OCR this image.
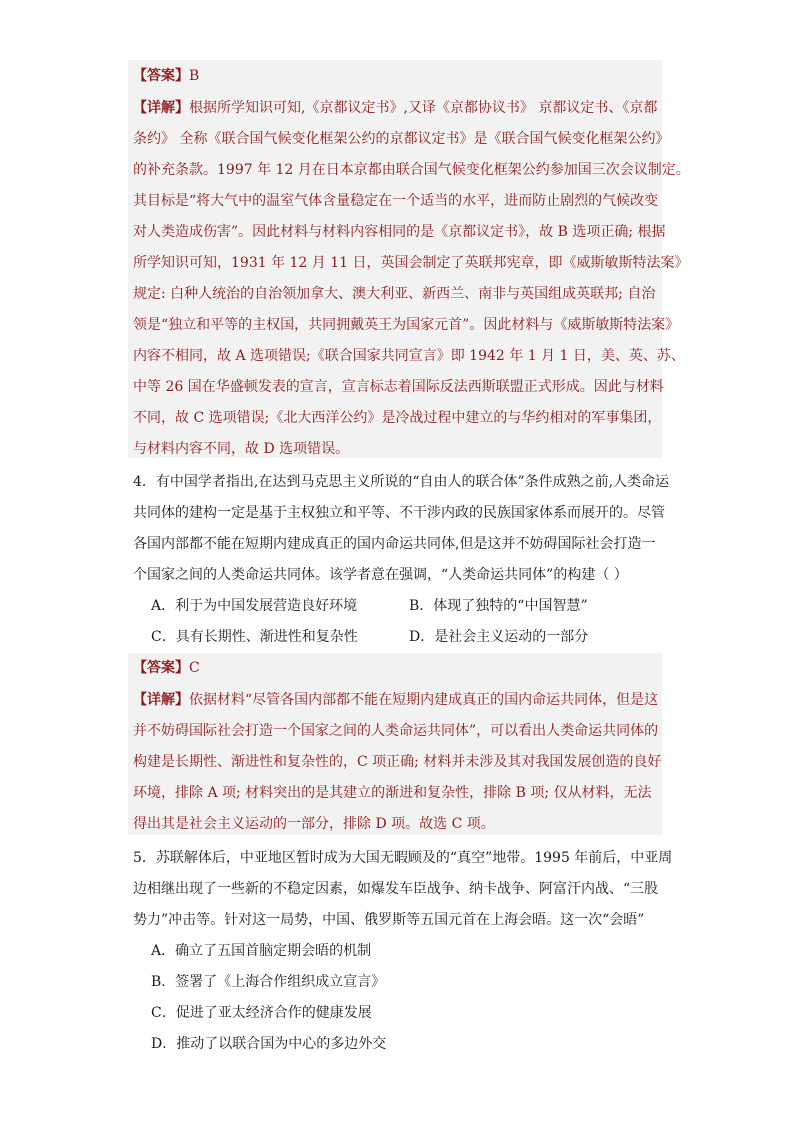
【答案】B
【详解】根据所学知识可知,《京都议定书》,又译《京都协议书》 京都议定书、《京都
条约》 全称《联合国气候变化框架公约的京都议定书》是《联合国气候变化框架公约》
的补充条款。1997 年 12 月在日本京都由联合国气候变化框架公约参加国三次会议制定。
其目标是“将大气中的温室气体含量稳定在一个适当的水平，进而防止剧烈的气候改变
对人类造成伤害”。因此材料与材料内容相同的是《京都议定书》，故 B 选项正确; 根据
所学知识可知，1931 年 12 月 11 日，英国会制定了英联邦宪章，即《威斯敏斯特法案》
规定: 白种人统治的自治领加拿大、澳大利亚、新西兰、南非与英国组成英联邦; 自治
领是“独立和平等的主权国，共同拥戴英王为国家元首”。因此材料与《威斯敏斯特法案》
内容不相同，故 A 选项错误;《联合国家共同宣言》即 1942 年 1 月 1 日，美、英、苏、
中等 26 国在华盛顿发表的宣言，宣言标志着国际反法西斯联盟正式形成。因此与材料
不同，故 C 选项错误;《北大西洋公约》是冷战过程中建立的与华约相对的军事集团，
与材料内容不同，故 D 选项错误。
4．有中国学者指出,在达到马克思主义所说的“自由人的联合体”条件成熟之前,人类命运
共同体的建构一定是基于主权独立和平等、不干涉内政的民族国家体系而展开的。尽管
各国内部都不能在短期内建成真正的国内命运共同体,但是这并不妨碍国际社会打造一
个国家之间的人类命运共同体。该学者意在强调，“人类命运共同体”的构建（ ）
A．利于为中国发展营造良好环境	B．体现了独特的“中国智慧”
C．具有长期性、渐进性和复杂性	D．是社会主义运动的一部分
【答案】C
【详解】依据材料“尽管各国内部都不能在短期内建成真正的国内命运共同体，但是这
并不妨碍国际社会打造一个国家之间的人类命运共同体”，可以看出人类命运共同体的
构建是长期性、渐进性和复杂性的，C 项正确; 材料并未涉及其对我国发展创造的良好
环境，排除 A 项; 材料突出的是其建立的渐进和复杂性，排除 B 项; 仅从材料，无法
得出其是社会主义运动的一部分，排除 D 项。故选 C 项。
5．苏联解体后，中亚地区暂时成为大国无暇顾及的“真空”地带。1995 年前后，中亚周
边相继出现了一些新的不稳定因素，如爆发车臣战争、纳卡战争、阿富汗内战、“三股
势力”冲击等。针对这一局势，中国、俄罗斯等五国元首在上海会晤。这一次“会晤”
A．确立了五国首脑定期会晤的机制
B．签署了《上海合作组织成立宣言》
C．促进了亚太经济合作的健康发展
D．推动了以联合国为中心的多边外交
